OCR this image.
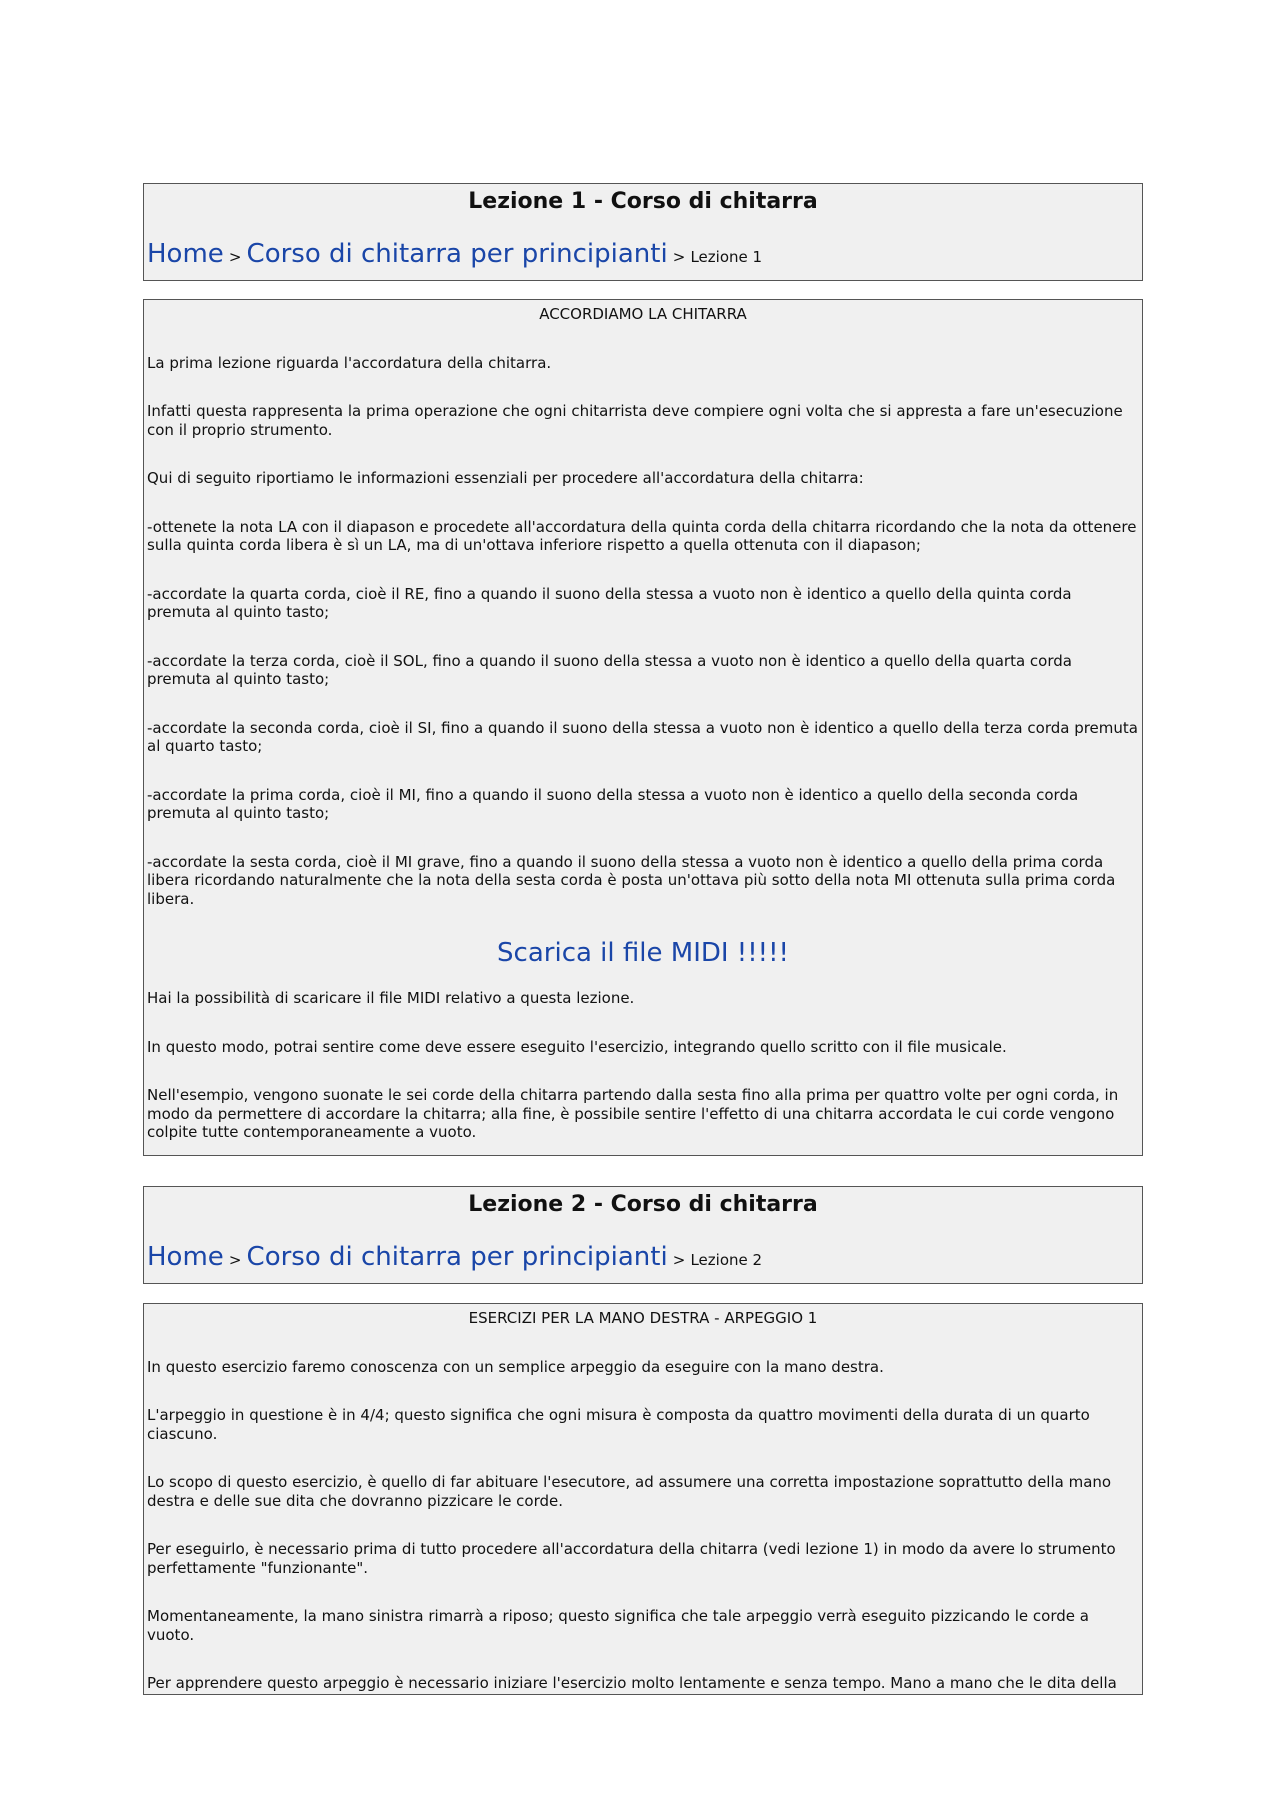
Lezione 1 - Corso di chitarra
Home > Corso di chitarra per principianti > Lezione 1
ACCORDIAMO LA CHITARRA

La prima lezione riguarda l'accordatura della chitarra.

Infatti questa rappresenta la prima operazione che ogni chitarrista deve compiere ogni volta che si appresta a fare un'esecuzione con il proprio strumento.

Qui di seguito riportiamo le informazioni essenziali per procedere all'accordatura della chitarra:

-ottenete la nota LA con il diapason e procedete all'accordatura della quinta corda della chitarra ricordando che la nota da ottenere sulla quinta corda libera è sì un LA, ma di un'ottava inferiore rispetto a quella ottenuta con il diapason;

-accordate la quarta corda, cioè il RE, fino a quando il suono della stessa a vuoto non è identico a quello della quinta corda premuta al quinto tasto;

-accordate la terza corda, cioè il SOL, fino a quando il suono della stessa a vuoto non è identico a quello della quarta corda premuta al quinto tasto;

-accordate la seconda corda, cioè il SI, fino a quando il suono della stessa a vuoto non è identico a quello della terza corda premuta al quarto tasto;

-accordate la prima corda, cioè il MI, fino a quando il suono della stessa a vuoto non è identico a quello della seconda corda premuta al quinto tasto;

-accordate la sesta corda, cioè il MI grave, fino a quando il suono della stessa a vuoto non è identico a quello della prima corda libera ricordando naturalmente che la nota della sesta corda è posta un'ottava più sotto della nota MI ottenuta sulla prima corda libera.

Scarica il file MIDI !!!!!

Hai la possibilità di scaricare il file MIDI relativo a questa lezione.

In questo modo, potrai sentire come deve essere eseguito l'esercizio, integrando quello scritto con il file musicale.

Nell'esempio, vengono suonate le sei corde della chitarra partendo dalla sesta fino alla prima per quattro volte per ogni corda, in modo da permettere di accordare la chitarra; alla fine, è possibile sentire l'effetto di una chitarra accordata le cui corde vengono colpite tutte contemporaneamente a vuoto.

Lezione 2 - Corso di chitarra
Home > Corso di chitarra per principianti > Lezione 2
ESERCIZI PER LA MANO DESTRA - ARPEGGIO 1

In questo esercizio faremo conoscenza con un semplice arpeggio da eseguire con la mano destra.

L'arpeggio in questione è in 4/4; questo significa che ogni misura è composta da quattro movimenti della durata di un quarto ciascuno.

Lo scopo di questo esercizio, è quello di far abituare l'esecutore, ad assumere una corretta impostazione soprattutto della mano destra e delle sue dita che dovranno pizzicare le corde.

Per eseguirlo, è necessario prima di tutto procedere all'accordatura della chitarra (vedi lezione 1) in modo da avere lo strumento perfettamente "funzionante".

Momentaneamente, la mano sinistra rimarrà a riposo; questo significa che tale arpeggio verrà eseguito pizzicando le corde a vuoto.

Per apprendere questo arpeggio è necessario iniziare l'esercizio molto lentamente e senza tempo. Mano a mano che le dita della
